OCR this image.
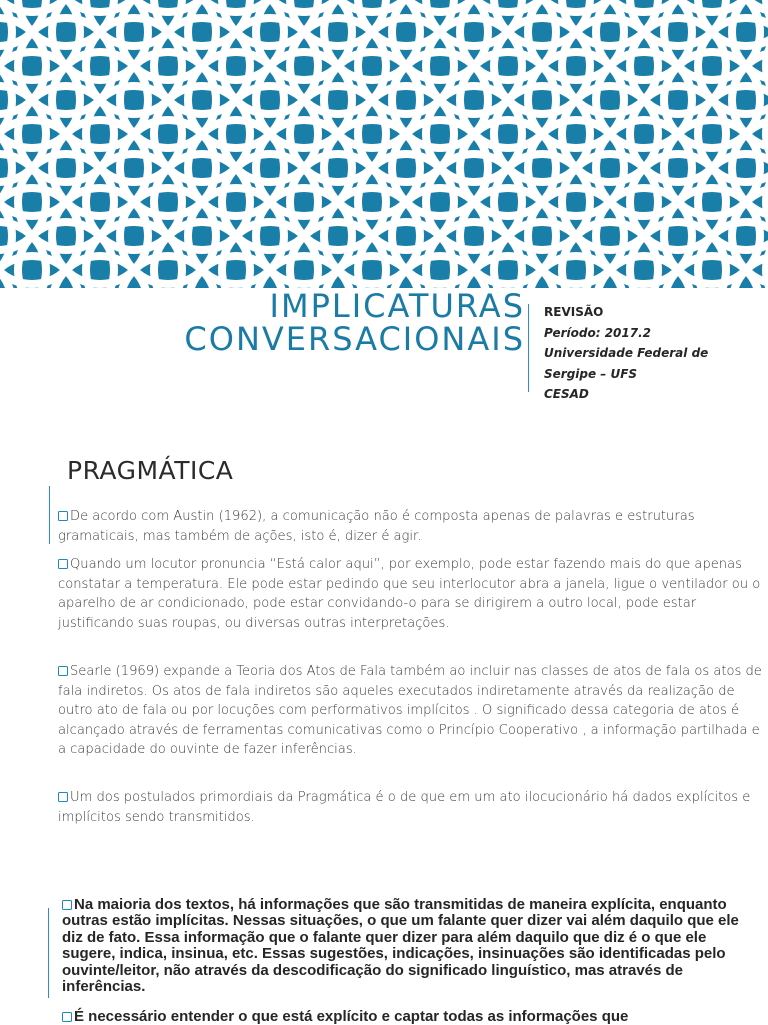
IMPLICATURAS
CONVERSACIONAIS
REVISÃO
Período: 2017.2
Universidade Federal de
Sergipe – UFS
CESAD
PRAGMÁTICA

De acordo com Austin (1962), a comunicação não é composta apenas de palavras e estruturas gramaticais, mas também de ações, isto é, dizer é agir.

Quando um locutor pronuncia “Está calor aqui”, por exemplo, pode estar fazendo mais do que apenas constatar a temperatura. Ele pode estar pedindo que seu interlocutor abra a janela, ligue o ventilador ou o aparelho de ar condicionado, pode estar convidando-o para se dirigirem a outro local, pode estar justificando suas roupas, ou diversas outras interpretações.

Searle (1969) expande a Teoria dos Atos de Fala também ao incluir nas classes de atos de fala os atos de fala indiretos. Os atos de fala indiretos são aqueles executados indiretamente através da realização de outro ato de fala ou por locuções com performativos implícitos . O significado dessa categoria de atos é alcançado através de ferramentas comunicativas como o Princípio Cooperativo , a informação partilhada e a capacidade do ouvinte de fazer inferências.

Um dos postulados primordiais da Pragmática é o de que em um ato ilocucionário há dados explícitos e implícitos sendo transmitidos.

Na maioria dos textos, há informações que são transmitidas de maneira explícita, enquanto outras estão implícitas. Nessas situações, o que um falante quer dizer vai além daquilo que ele diz de fato. Essa informação que o falante quer dizer para além daquilo que diz é o que ele sugere, indica, insinua, etc. Essas sugestões, indicações, insinuações são identificadas pelo ouvinte/leitor, não através da descodificação do significado linguístico, mas através de inferências.

É necessário entender o que está explícito e captar todas as informações que
